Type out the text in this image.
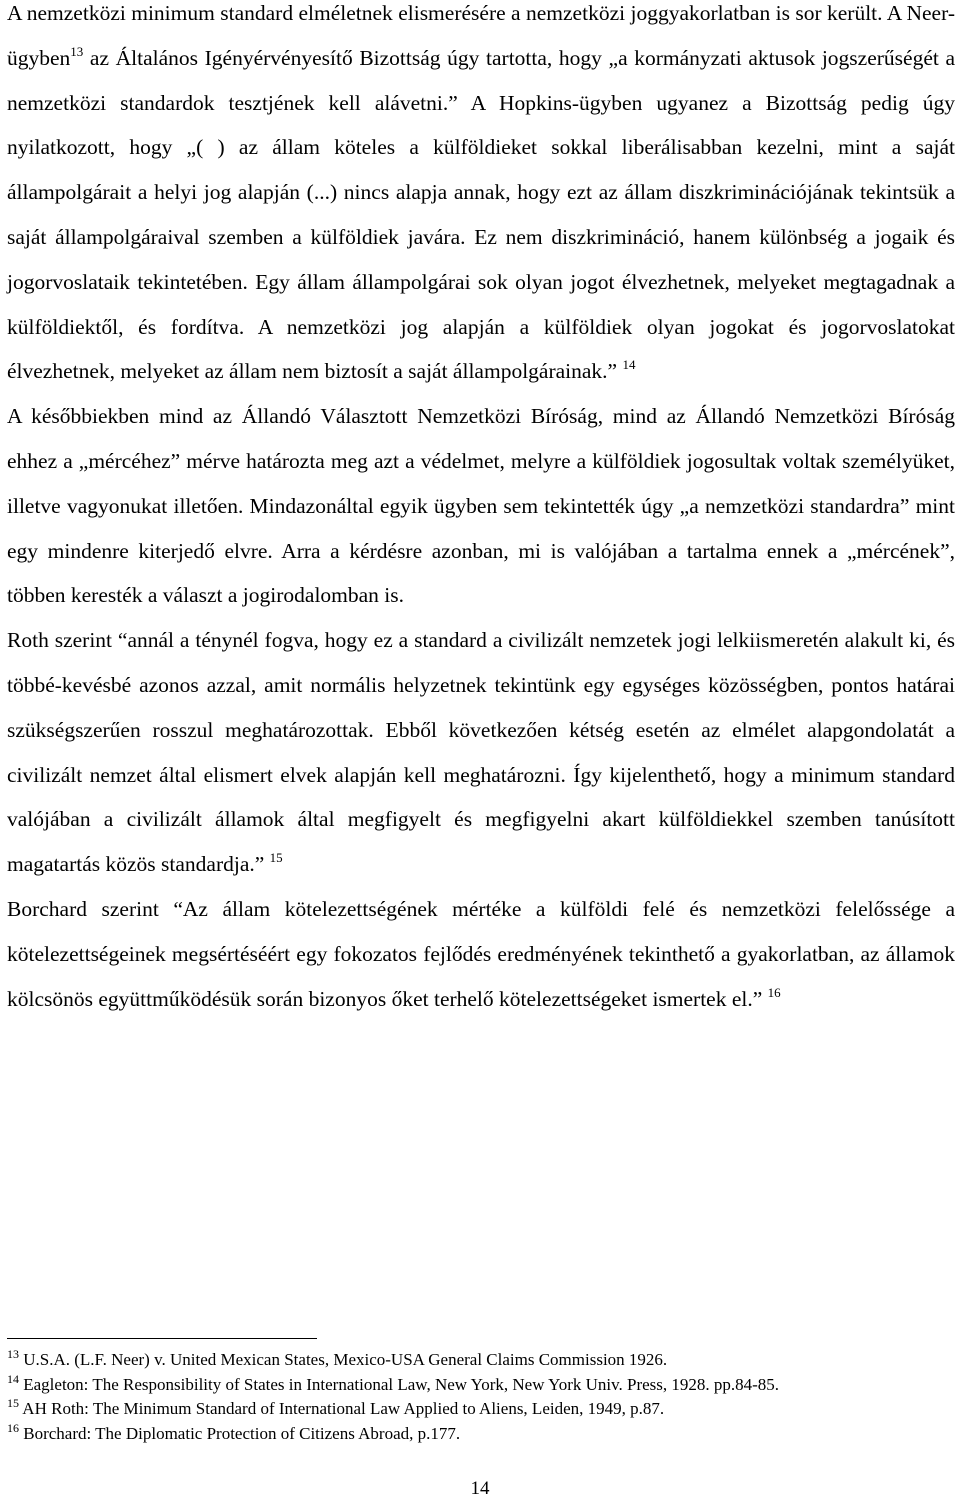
A nemzetközi minimum standard elméletnek elismerésére a nemzetközi joggyakorlatban is sor került. A Neer-ügyben$^{13}$ az Általános Igényérvényesítő Bizottság úgy tartotta, hogy „a kormányzati aktusok jogszerűségét a nemzetközi standardok tesztjének kell alávetni.” A Hopkins-ügyben ugyanez a Bizottság pedig úgy nyilatkozott, hogy „( ) az állam köteles a külföldieket sokkal liberálisabban kezelni, mint a saját állampolgárait a helyi jog alapján (...) nincs alapja annak, hogy ezt az állam diszkriminációjának tekintsük a saját állampolgáraival szemben a külföldiek javára. Ez nem diszkrimináció, hanem különbség a jogaik és jogorvoslataik tekintetében. Egy állam állampolgárai sok olyan jogot élvezhetnek, melyeket megtagadnak a külföldiektől, és fordítva. A nemzetközi jog alapján a külföldiek olyan jogokat és jogorvoslatokat élvezhetnek, melyeket az állam nem biztosít a saját állampolgárainak.” $^{14}$

A későbbiekben mind az Állandó Választott Nemzetközi Bíróság, mind az Állandó Nemzetközi Bíróság ehhez a „mércéhez” mérve határozta meg azt a védelmet, melyre a külföldiek jogosultak voltak személyüket, illetve vagyonukat illetően. Mindazonáltal egyik ügyben sem tekintették úgy „a nemzetközi standardra” mint egy mindenre kiterjedő elvre. Arra a kérdésre azonban, mi is valójában a tartalma ennek a „mércének”, többen keresték a választ a jogirodalomban is.

Roth szerint “annál a ténynél fogva, hogy ez a standard a civilizált nemzetek jogi lelkiismeretén alakult ki, és többé-kevésbé azonos azzal, amit normális helyzetnek tekintünk egy egységes közösségben, pontos határai szükségszerűen rosszul meghatározottak. Ebből következően kétség esetén az elmélet alapgondolatát a civilizált nemzet által elismert elvek alapján kell meghatározni. Így kijelenthető, hogy a minimum standard valójában a civilizált államok által megfigyelt és megfigyelni akart külföldiekkel szemben tanúsított magatartás közös standardja.” $^{15}$

Borchard szerint “Az állam kötelezettségének mértéke a külföldi felé és nemzetközi felelőssége a kötelezettségeinek megsértéséért egy fokozatos fejlődés eredményének tekinthető a gyakorlatban, az államok kölcsönös együttműködésük során bizonyos őket terhelő kötelezettségeket ismertek el.” $^{16}$

$^{13}$ U.S.A. (L.F. Neer) v. United Mexican States, Mexico-USA General Claims Commission 1926.

$^{14}$ Eagleton: The Responsibility of States in International Law, New York, New York Univ. Press, 1928. pp.84-85.

$^{15}$ AH Roth: The Minimum Standard of International Law Applied to Aliens, Leiden, 1949, p.87.

$^{16}$ Borchard: The Diplomatic Protection of Citizens Abroad, p.177.

14
